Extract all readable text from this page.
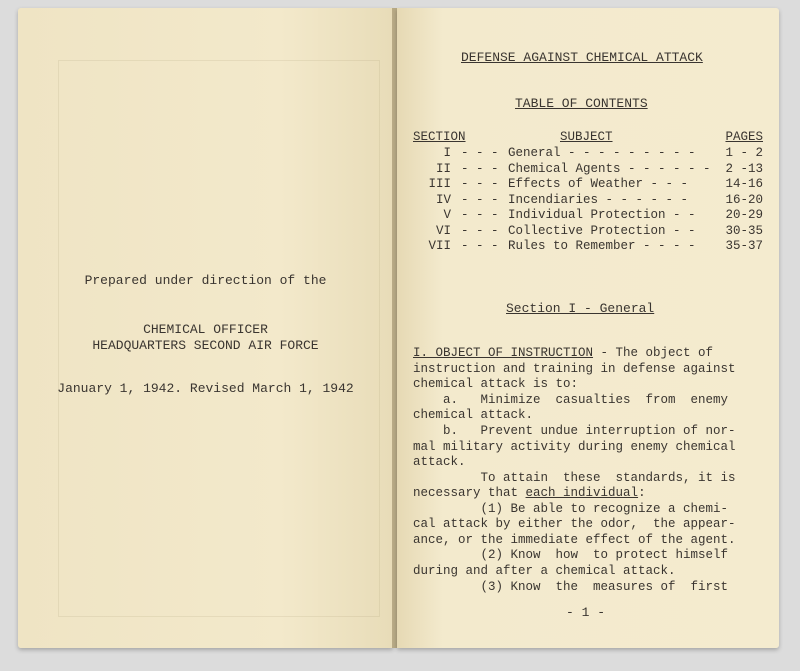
Prepared under direction of the
CHEMICAL OFFICER
HEADQUARTERS SECOND AIR FORCE
January 1, 1942. Revised March 1, 1942
DEFENSE AGAINST CHEMICAL ATTACK
TABLE OF CONTENTS
SECTION	SUBJECT	PAGES
I - - - General - - - - - - - - - 1 - 2
II - - - Chemical Agents - - - - - - 2 -13
III - - - Effects of Weather - - -	14-16
IV - - - Incendiaries - - - - - -	16-20
V - - - Individual Protection - - 20-29
VI - - - Collective Protection - - 30-35
VII - - - Rules to Remember - - - - 35-37
Section I - General
I. OBJECT OF INSTRUCTION - The object of
instruction and training in defense against
chemical attack is to:
a.   Minimize  casualties  from  enemy
chemical attack.
b.   Prevent undue interruption of nor-
mal military activity during enemy chemical
attack.
To attain  these  standards, it is
necessary that each individual:
(1) Be able to recognize a chemi-
cal attack by either the odor,  the appear-
ance, or the immediate effect of the agent.
(2) Know  how  to protect himself
during and after a chemical attack.
(3) Know  the  measures of  first
- 1 -
